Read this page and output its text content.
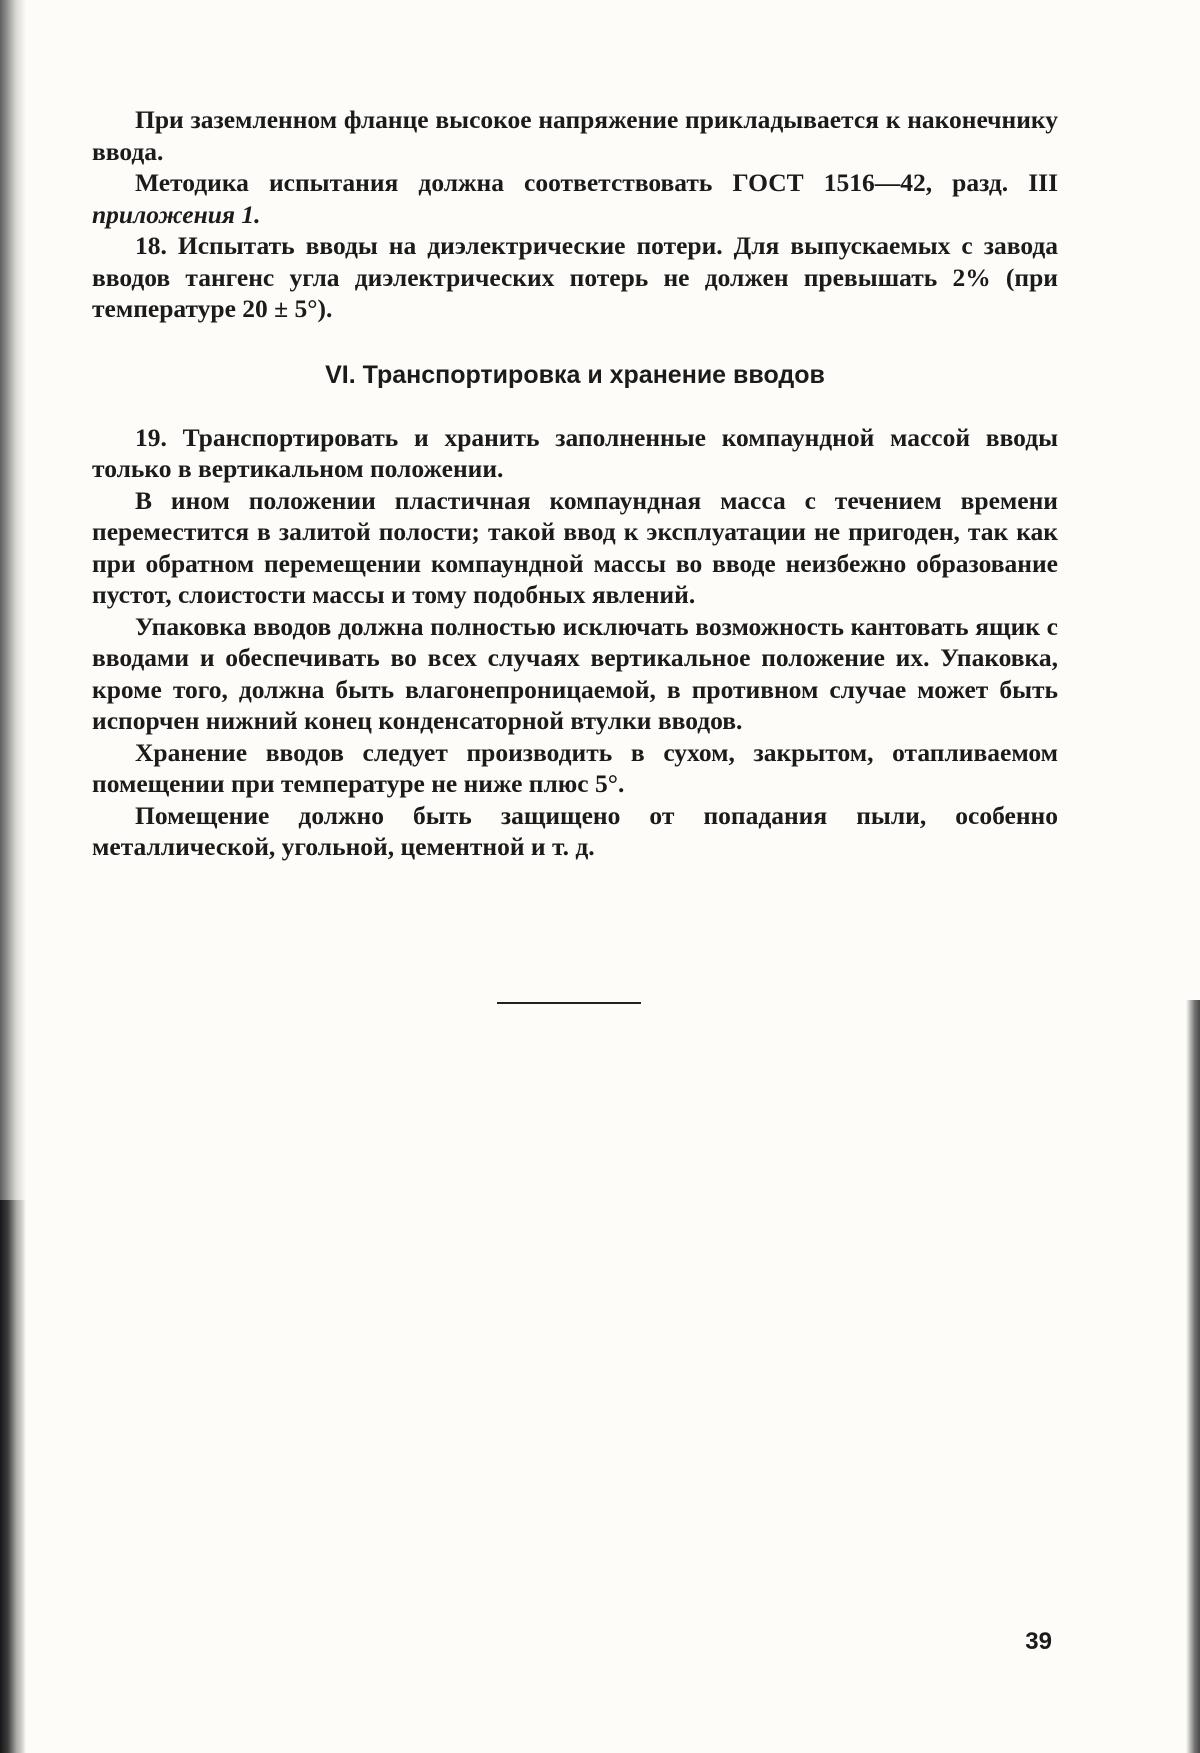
При заземленном фланце высокое напряжение прикладывается к наконечнику ввода.

Методика испытания должна соответствовать ГОСТ 1516—42, разд. III приложения 1.

18. Испытать вводы на диэлектрические потери. Для выпускаемых с завода вводов тангенс угла диэлектрических потерь не должен превышать 2% (при температуре 20 ± 5°).

VI. Транспортировка и хранение вводов

19. Транспортировать и хранить заполненные компаундной массой вводы только в вертикальном положении.

В ином положении пластичная компаундная масса с течением времени переместится в залитой полости; такой ввод к эксплуатации не пригоден, так как при обратном перемещении компаундной массы во вводе неизбежно образование пустот, слоистости массы и тому подобных явлений.

Упаковка вводов должна полностью исключать возможность кантовать ящик с вводами и обеспечивать во всех случаях вертикальное положение их. Упаковка, кроме того, должна быть влагонепроницаемой, в противном случае может быть испорчен нижний конец конденсаторной втулки вводов.

Хранение вводов следует производить в сухом, закрытом, отапливаемом помещении при температуре не ниже плюс 5°.

Помещение должно быть защищено от попадания пыли, особенно металлической, угольной, цементной и т. д.

39
